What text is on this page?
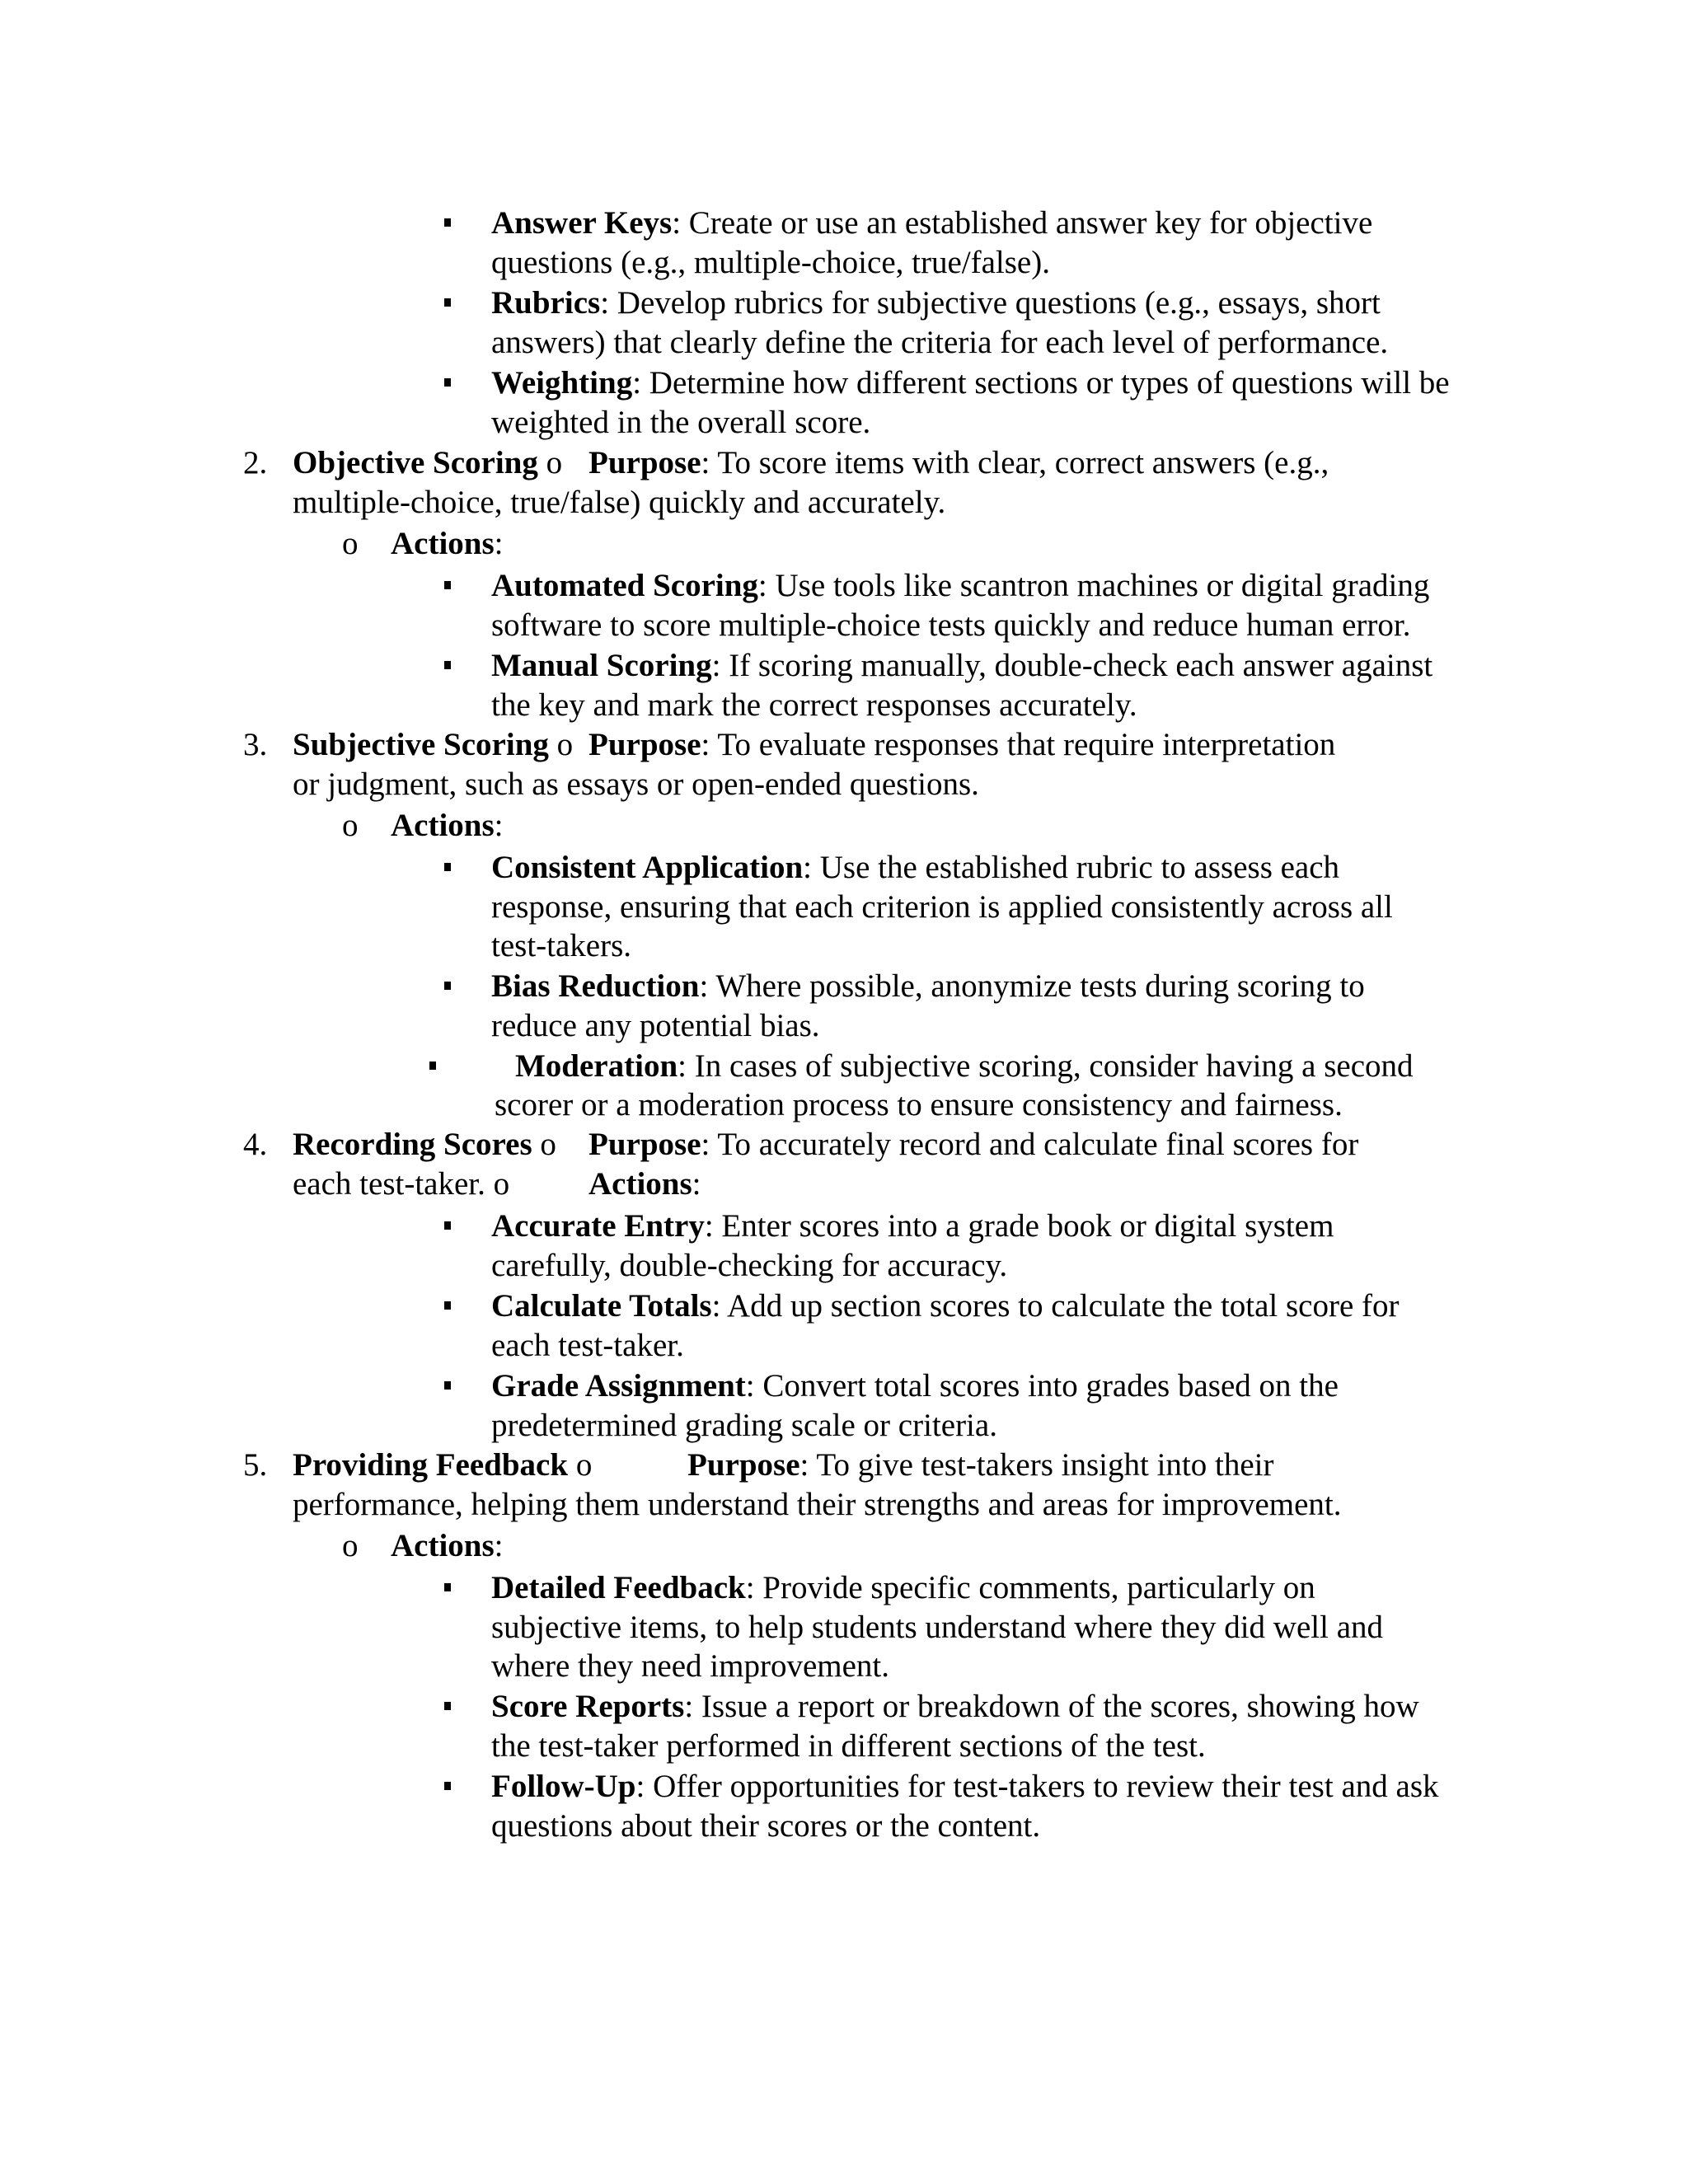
Answer Keys: Create or use an established answer key for objective
questions (e.g., multiple-choice, true/false).
Rubrics: Develop rubrics for subjective questions (e.g., essays, short
answers) that clearly define the criteria for each level of performance.
Weighting: Determine how different sections or types of questions will be
weighted in the overall score.
2. Objective Scoring o Purpose: To score items with clear, correct answers (e.g.,
multiple-choice, true/false) quickly and accurately.
o Actions:
Automated Scoring: Use tools like scantron machines or digital grading
software to score multiple-choice tests quickly and reduce human error.
Manual Scoring: If scoring manually, double-check each answer against
the key and mark the correct responses accurately.
3. Subjective Scoring o Purpose: To evaluate responses that require interpretation
or judgment, such as essays or open-ended questions.
o Actions:
Consistent Application: Use the established rubric to assess each
response, ensuring that each criterion is applied consistently across all
test-takers.
Bias Reduction: Where possible, anonymize tests during scoring to
reduce any potential bias.
Moderation: In cases of subjective scoring, consider having a second
scorer or a moderation process to ensure consistency and fairness.
4. Recording Scores o Purpose: To accurately record and calculate final scores for
each test-taker. o Actions:
Accurate Entry: Enter scores into a grade book or digital system
carefully, double-checking for accuracy.
Calculate Totals: Add up section scores to calculate the total score for
each test-taker.
Grade Assignment: Convert total scores into grades based on the
predetermined grading scale or criteria.
5. Providing Feedback o	Purpose: To give test-takers insight into their
performance, helping them understand their strengths and areas for improvement.
o Actions:
Detailed Feedback: Provide specific comments, particularly on
subjective items, to help students understand where they did well and
where they need improvement.
Score Reports: Issue a report or breakdown of the scores, showing how
the test-taker performed in different sections of the test.
Follow-Up: Offer opportunities for test-takers to review their test and ask
questions about their scores or the content.
